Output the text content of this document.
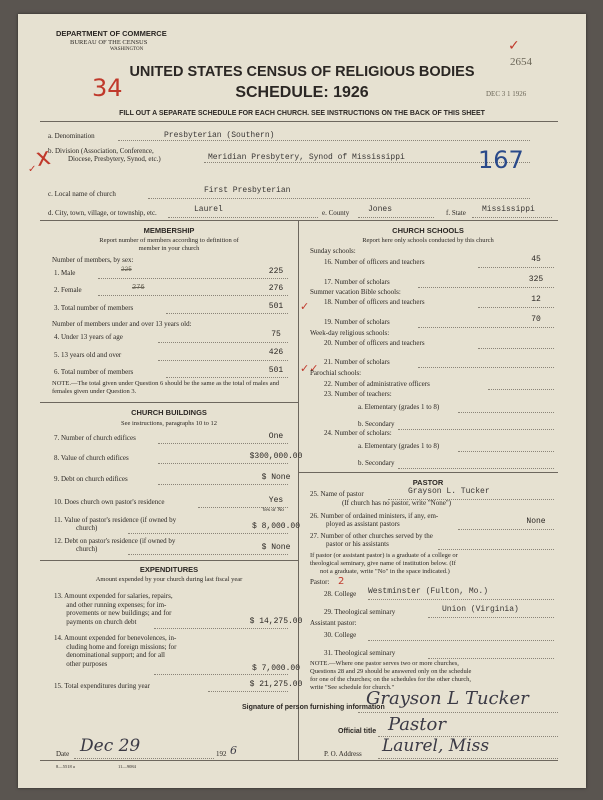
DEPARTMENT OF COMMERCE
BUREAU OF THE CENSUS
WASHINGTON
34
✓
2654
DEC 3 1 1926
UNITED STATES CENSUS OF RELIGIOUS BODIES
SCHEDULE: 1926
FILL OUT A SEPARATE SCHEDULE FOR EACH CHURCH. SEE INSTRUCTIONS ON THE BACK OF THIS SHEET
a. Denomination	Presbyterian (Southern)
b. Division (Association, Conference,
Diocese, Presbytery, Synod, etc.)	Meridian Presbytery, Synod of Mississippi	167
c. Local name of church	First Presbyterian
d. City, town, village, or township, etc.	Laurel	e. County Jones	f. State Mississippi
x
✓
MEMBERSHIP
Report number of members according to definition of
member in your church
Number of members, by sex:
1. Male	225	225
2. Female	276	276
3. Total number of members	501	✓
Number of members under and over 13 years old:
4. Under 13 years of age	75
5. 13 years old and over	426
6. Total number of members	501	✓✓
NOTE.—The total given under Question 6 should be the same as the total of males and females given under Question 3.
CHURCH BUILDINGS
See instructions, paragraphs 10 to 12
7. Number of church edifices	One
8. Value of church edifices	$300,000.00
9. Debt on church edifices	$ None
10. Does church own pastor's residence	Yes
Yes or No
11. Value of pastor's residence (if owned by
church)	$ 8,000.00
12. Debt on pastor's residence (if owned by
church)	$ None
EXPENDITURES
Amount expended by your church during last fiscal year
13. Amount expended for salaries, repairs,
and other running expenses; for im-
provements or new buildings; and for
payments on church debt	$ 14,275.00
14. Amount expended for benevolences, in-
cluding home and foreign missions; for
denominational support; and for all
other purposes
$ 7,000.00
15. Total expenditures during year	$ 21,275.00
CHURCH SCHOOLS
Report here only schools conducted by this church
Sunday schools:
16. Number of officers and teachers	45
17. Number of scholars	325
Summer vacation Bible schools:
18. Number of officers and teachers	12
19. Number of scholars	70
Week-day religious schools:
20. Number of officers and teachers
21. Number of scholars
Parochial schools:
22. Number of administrative officers
23. Number of teachers:
a. Elementary (grades 1 to 8)
b. Secondary
24. Number of scholars:
a. Elementary (grades 1 to 8)
b. Secondary
PASTOR
25. Name of pastor	Grayson L. Tucker
(If church has no pastor, write "None")
26. Number of ordained ministers, if any, em-
ployed as assistant pastors	None
27. Number of other churches served by the
pastor or his assistants
If pastor (or assistant pastor) is a graduate of a college or
theological seminary, give name of institution below. (If
not a graduate, write "No" in the space indicated.)
Pastor: 2
28. College Westminster (Fulton, Mo.)
29. Theological seminary	Union (Virginia)
Assistant pastor:
30. College
31. Theological seminary
NOTE.—Where one pastor serves two or more churches,
Questions 28 and 29 should be answered only on the schedule
for one of the churches; on the schedules for the other church,
write "See schedule for church."
Signature of person furnishing information
Grayson L Tucker
Official title Pastor
Date Dec 29	192 6	P. O. Address Laurel, Miss
8—5518 a	11—9084
